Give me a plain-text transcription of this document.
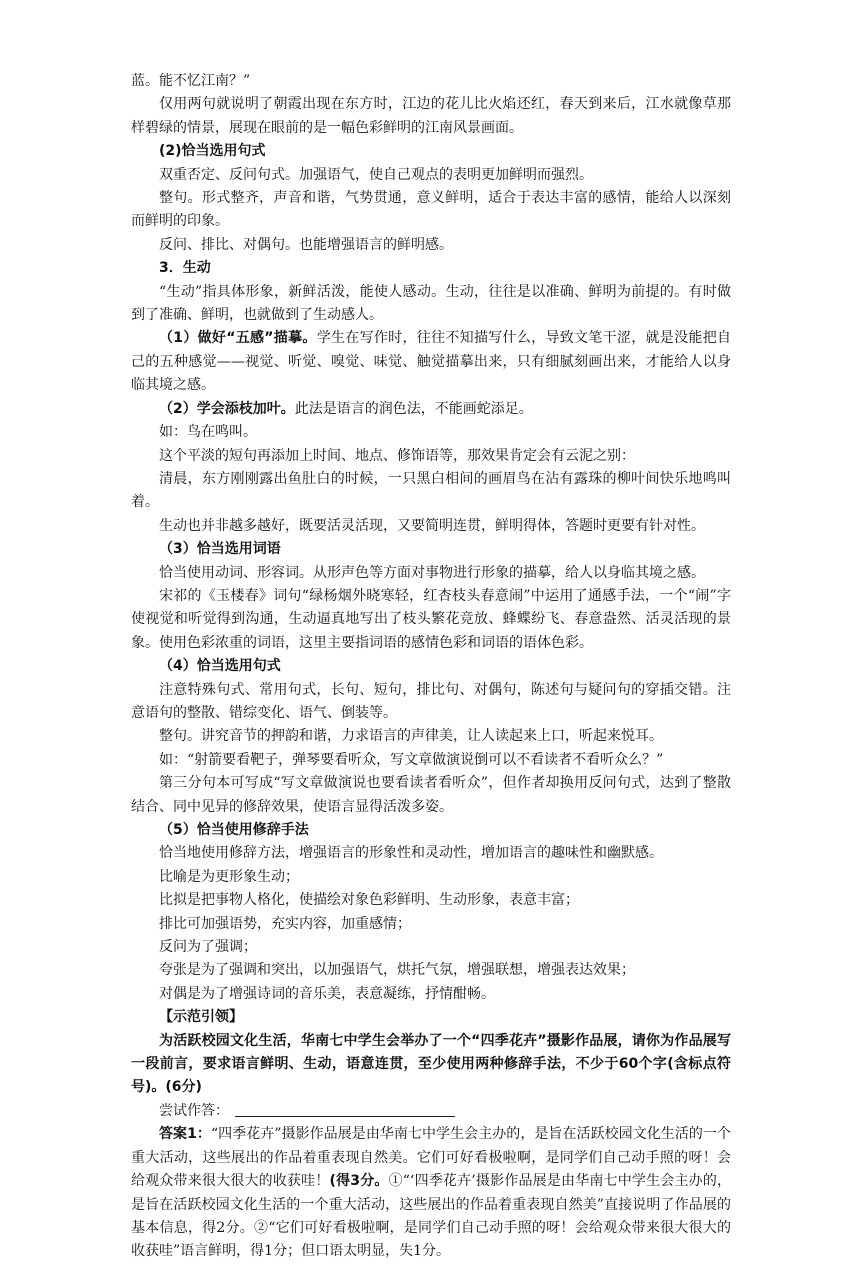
蓝。能不忆江南？”

仅用两句就说明了朝霞出现在东方时，江边的花儿比火焰还红，春天到来后，江水就像草那样碧绿的情景，展现在眼前的是一幅色彩鲜明的江南风景画面。

(2)恰当选用句式

双重否定、反问句式。加强语气，使自己观点的表明更加鲜明而强烈。

整句。形式整齐，声音和谐，气势贯通，意义鲜明，适合于表达丰富的感情，能给人以深刻而鲜明的印象。

反问、排比、对偶句。也能增强语言的鲜明感。

3．生动

“生动”指具体形象，新鲜活泼，能使人感动。生动，往往是以准确、鲜明为前提的。有时做到了准确、鲜明，也就做到了生动感人。

（1）做好“五感”描摹。学生在写作时，往往不知描写什么，导致文笔干涩，就是没能把自己的五种感觉——视觉、听觉、嗅觉、味觉、触觉描摹出来，只有细腻刻画出来，才能给人以身临其境之感。

（2）学会添枝加叶。此法是语言的润色法，不能画蛇添足。

如：鸟在鸣叫。

这个平淡的短句再添加上时间、地点、修饰语等，那效果肯定会有云泥之别：

清晨，东方刚刚露出鱼肚白的时候，一只黑白相间的画眉鸟在沾有露珠的柳叶间快乐地鸣叫着。

生动也并非越多越好，既要活灵活现，又要简明连贯，鲜明得体，答题时更要有针对性。

（3）恰当选用词语

恰当使用动词、形容词。从形声色等方面对事物进行形象的描摹，给人以身临其境之感。

宋祁的《玉楼春》词句“绿杨烟外晓寒轻，红杏枝头春意闹”中运用了通感手法，一个“闹”字使视觉和听觉得到沟通，生动逼真地写出了枝头繁花竞放、蜂蝶纷飞、春意盎然、活灵活现的景象。使用色彩浓重的词语，这里主要指词语的感情色彩和词语的语体色彩。

（4）恰当选用句式

注意特殊句式、常用句式，长句、短句，排比句、对偶句，陈述句与疑问句的穿插交错。注意语句的整散、错综变化、语气、倒装等。

整句。讲究音节的押韵和谐，力求语言的声律美，让人读起来上口，听起来悦耳。

如：“射箭要看靶子，弹琴要看听众，写文章做演说倒可以不看读者不看听众么？”

第三分句本可写成“写文章做演说也要看读者看听众”，但作者却换用反问句式，达到了整散结合、同中见异的修辞效果，使语言显得活泼多姿。

（5）恰当使用修辞手法

恰当地使用修辞方法，增强语言的形象性和灵动性，增加语言的趣味性和幽默感。

比喻是为更形象生动；

比拟是把事物人格化，使描绘对象色彩鲜明、生动形象，表意丰富；

排比可加强语势，充实内容，加重感情；

反问为了强调；

夸张是为了强调和突出，以加强语气，烘托气氛，增强联想，增强表达效果；

对偶是为了增强诗词的音乐美，表意凝练，抒情酣畅。

【示范引领】

为活跃校园文化生活，华南七中学生会举办了一个“四季花卉”摄影作品展，请你为作品展写一段前言，要求语言鲜明、生动，语意连贯，至少使用两种修辞手法，不少于60个字(含标点符号)。(6分)

尝试作答：

答案1：“四季花卉”摄影作品展是由华南七中学生会主办的，是旨在活跃校园文化生活的一个重大活动，这些展出的作品着重表现自然美。它们可好看极啦啊，是同学们自己动手照的呀！会给观众带来很大很大的收获哇！(得3分。①“‘四季花卉’摄影作品展是由华南七中学生会主办的，是旨在活跃校园文化生活的一个重大活动，这些展出的作品着重表现自然美”直接说明了作品展的基本信息，得2分。②“它们可好看极啦啊，是同学们自己动手照的呀！会给观众带来很大很大的收获哇”语言鲜明，得1分；但口语太明显，失1分。
